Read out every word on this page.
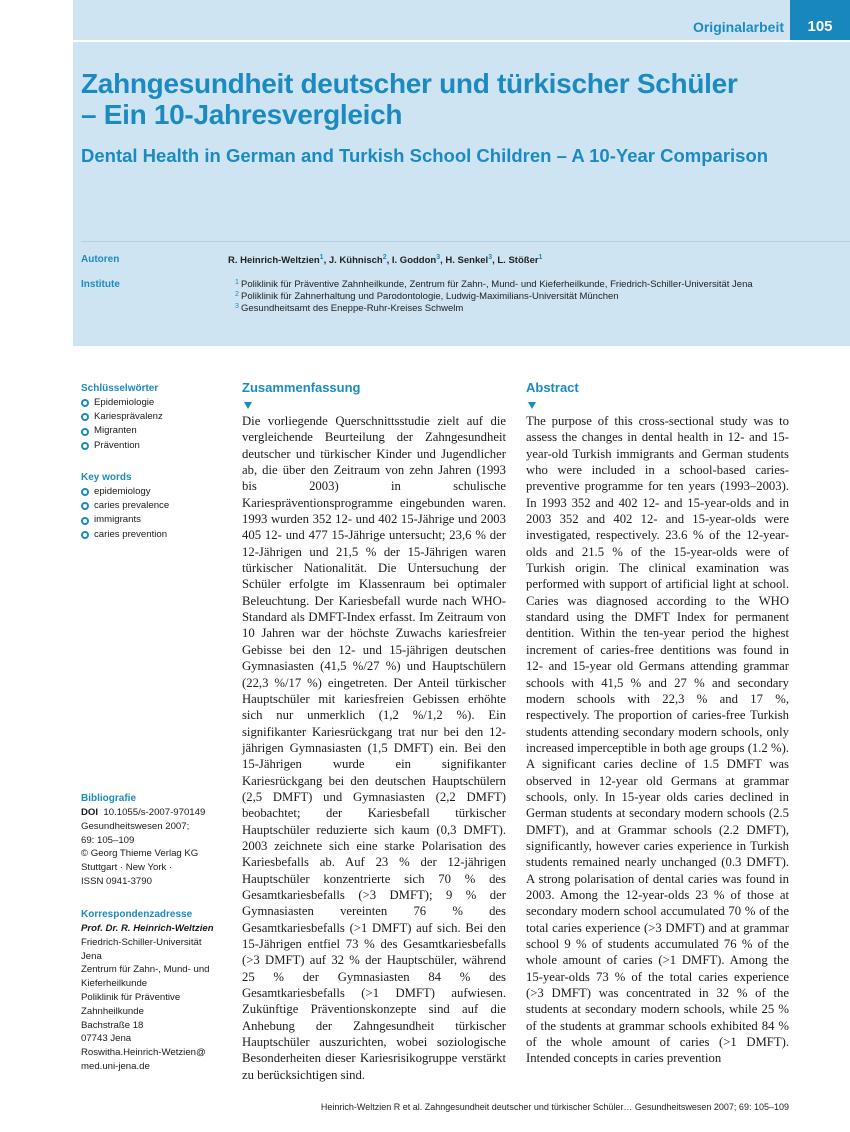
Originalarbeit	105
Zahngesundheit deutscher und türkischer Schüler
– Ein 10-Jahresvergleich
Dental Health in German and Turkish School Children – A 10-Year Comparison
Autoren
Institute
R. Heinrich-Weltzien$^1$, J. Kühnisch$^2$, I. Goddon$^3$, H. Senkel$^3$, L. Stößer$^1$
1 Poliklinik für Präventive Zahnheilkunde, Zentrum für Zahn-, Mund- und Kieferheilkunde, Friedrich-Schiller-Universität Jena
2 Poliklinik für Zahnerhaltung und Parodontologie, Ludwig-Maximilians-Universität München
3 Gesundheitsamt des Eneppe-Ruhr-Kreises Schwelm
Schlüsselwörter
Epidemiologie
Kariesprävalenz
Migranten
Prävention
Key words
epidemiology
caries prevalence
immigrants
caries prevention
Bibliografie
DOI 10.1055/s-2007-970149
Gesundheitswesen 2007;
69: 105–109
© Georg Thieme Verlag KG
Stuttgart · New York ·
ISSN 0941-3790
Korrespondenzadresse
Prof. Dr. R. Heinrich-Weltzien
Friedrich-Schiller-Universität
Jena
Zentrum für Zahn-, Mund- und
Kieferheilkunde
Poliklinik für Präventive
Zahnheilkunde
Bachstraße 18
07743 Jena
Roswitha.Heinrich-Wetzien@
med.uni-jena.de
Zusammenfassung
Die vorliegende Querschnittsstudie zielt auf die vergleichende Beurteilung der Zahngesundheit deutscher und türkischer Kinder und Jugendlicher ab, die über den Zeitraum von zehn Jahren (1993 bis 2003) in schulische Kariespräventionsprogramme eingebunden waren. 1993 wurden 352 12- und 402 15-Jährige und 2003 405 12- und 477 15-Jährige untersucht; 23,6 % der 12-Jährigen und 21,5 % der 15-Jährigen waren türkischer Nationalität. Die Untersuchung der Schüler erfolgte im Klassenraum bei optimaler Beleuchtung. Der Kariesbefall wurde nach WHO-Standard als DMFT-Index erfasst. Im Zeitraum von 10 Jahren war der höchste Zuwachs kariesfreier Gebisse bei den 12- und 15-jährigen deutschen Gymnasiasten (41,5 %/27 %) und Hauptschülern (22,3 %/17 %) eingetreten. Der Anteil türkischer Hauptschüler mit kariesfreien Gebissen erhöhte sich nur unmerklich (1,2 %/1,2 %). Ein signifikanter Kariesrückgang trat nur bei den 12-jährigen Gymnasiasten (1,5 DMFT) ein. Bei den 15-Jährigen wurde ein signifikanter Kariesrückgang bei den deutschen Hauptschülern (2,5 DMFT) und Gymnasiasten (2,2 DMFT) beobachtet; der Kariesbefall türkischer Hauptschüler reduzierte sich kaum (0,3 DMFT). 2003 zeichnete sich eine starke Polarisation des Kariesbefalls ab. Auf 23 % der 12-jährigen Hauptschüler konzentrierte sich 70 % des Gesamtkariesbefalls (>3 DMFT); 9 % der Gymnasiasten vereinten 76 % des Gesamtkariesbefalls (>1 DMFT) auf sich. Bei den 15-Jährigen entfiel 73 % des Gesamtkariesbefalls (>3 DMFT) auf 32 % der Hauptschüler, während 25 % der Gymnasiasten 84 % des Gesamtkariesbefalls (>1 DMFT) aufwiesen. Zukünftige Präventionskonzepte sind auf die Anhebung der Zahngesundheit türkischer Hauptschüler auszurichten, wobei soziologische Besonderheiten dieser Kariesrisikogruppe verstärkt zu berücksichtigen sind.
Abstract
The purpose of this cross-sectional study was to assess the changes in dental health in 12- and 15-year-old Turkish immigrants and German students who were included in a school-based caries-preventive programme for ten years (1993–2003). In 1993 352 and 402 12- and 15-year-olds and in 2003 352 and 402 12- and 15-year-olds were investigated, respectively. 23.6 % of the 12-year-olds and 21.5 % of the 15-year-olds were of Turkish origin. The clinical examination was performed with support of artificial light at school. Caries was diagnosed according to the WHO standard using the DMFT Index for permanent dentition. Within the ten-year period the highest increment of caries-free dentitions was found in 12- and 15-year old Germans attending grammar schools with 41,5 % and 27 % and secondary modern schools with 22,3 % and 17 %, respectively. The proportion of caries-free Turkish students attending secondary modern schools, only increased imperceptible in both age groups (1.2 %). A significant caries decline of 1.5 DMFT was observed in 12-year old Germans at grammar schools, only. In 15-year olds caries declined in German students at secondary modern schools (2.5 DMFT), and at Grammar schools (2.2 DMFT), significantly, however caries experience in Turkish students remained nearly unchanged (0.3 DMFT). A strong polarisation of dental caries was found in 2003. Among the 12-year-olds 23 % of those at secondary modern school accumulated 70 % of the total caries experience (>3 DMFT) and at grammar school 9 % of students accumulated 76 % of the whole amount of caries (>1 DMFT). Among the 15-year-olds 73 % of the total caries experience (>3 DMFT) was concentrated in 32 % of the students at secondary modern schools, while 25 % of the students at grammar schools exhibited 84 % of the whole amount of caries (>1 DMFT). Intended concepts in caries prevention
Heinrich-Weltzien R et al. Zahngesundheit deutscher und türkischer Schüler… Gesundheitswesen 2007; 69: 105–109
